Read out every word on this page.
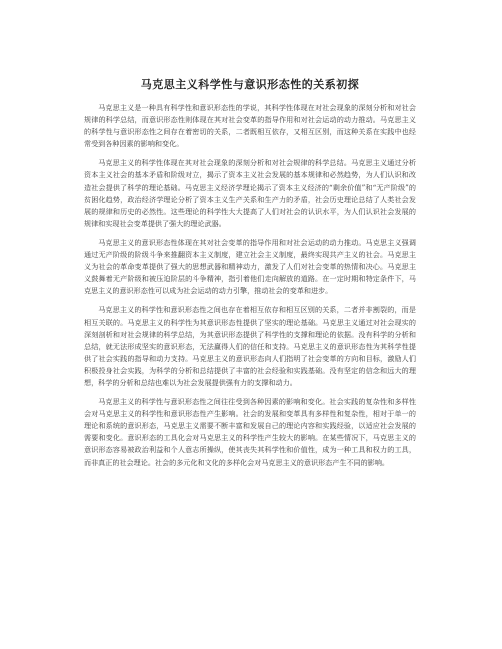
马克思主义科学性与意识形态性的关系初探

马克思主义是一种具有科学性和意识形态性的学说，其科学性体现在对社会现象的深刻分析和对社会规律的科学总结，而意识形态性则体现在其对社会变革的指导作用和对社会运动的动力推动。马克思主义的科学性与意识形态性之间存在着密切的关系，二者既相互依存，又相互区别，而这种关系在实践中也经常受到各种因素的影响和变化。

马克思主义的科学性体现在其对社会现象的深刻分析和对社会规律的科学总结。马克思主义通过分析资本主义社会的基本矛盾和阶级对立，揭示了资本主义社会发展的基本规律和必然趋势，为人们认识和改造社会提供了科学的理论基础。马克思主义经济学理论揭示了资本主义经济的“剩余价值”和“无产阶级”的贫困化趋势，政治经济学理论分析了资本主义生产关系和生产力的矛盾，社会历史理论总结了人类社会发展的规律和历史的必然性。这些理论的科学性大大提高了人们对社会的认识水平，为人们认识社会发展的规律和实现社会变革提供了强大的理论武器。

马克思主义的意识形态性体现在其对社会变革的指导作用和对社会运动的动力推动。马克思主义强调通过无产阶级的阶级斗争来推翻资本主义制度，建立社会主义制度，最终实现共产主义的社会。马克思主义为社会的革命变革提供了强大的思想武器和精神动力，激发了人们对社会变革的热情和决心。马克思主义鼓舞着无产阶级和被压迫阶层的斗争精神，指引着他们走向解放的道路。在一定时期和特定条件下，马克思主义的意识形态性可以成为社会运动的动力引擎，推动社会的变革和进步。

马克思主义的科学性和意识形态性之间也存在着相互依存和相互区别的关系，二者并非割裂的，而是相互关联的。马克思主义的科学性为其意识形态性提供了坚实的理论基础。马克思主义通过对社会现实的深刻剖析和对社会规律的科学总结，为其意识形态提供了科学性的支撑和理论的依据。没有科学的分析和总结，就无法形成坚实的意识形态，无法赢得人们的信任和支持。马克思主义的意识形态性为其科学性提供了社会实践的指导和动力支持。马克思主义的意识形态向人们指明了社会变革的方向和目标，激励人们积极投身社会实践，为科学的分析和总结提供了丰富的社会经验和实践基础。没有坚定的信念和远大的理想，科学的分析和总结也难以为社会发展提供强有力的支撑和动力。

马克思主义的科学性与意识形态性之间往往受到各种因素的影响和变化。社会实践的复杂性和多样性会对马克思主义的科学性和意识形态性产生影响。社会的发展和变革具有多样性和复杂性，相对于单一的理论和系统的意识形态，马克思主义需要不断丰富和发展自己的理论内容和实践经验，以适应社会发展的需要和变化。意识形态的工具化会对马克思主义的科学性产生较大的影响。在某些情况下，马克思主义的意识形态容易被政治利益和个人意志所操纵，使其丧失其科学性和价值性，成为一种工具和权力的工具，而非真正的社会理论。社会的多元化和文化的多样化会对马克思主义的意识形态产生不同的影响。
